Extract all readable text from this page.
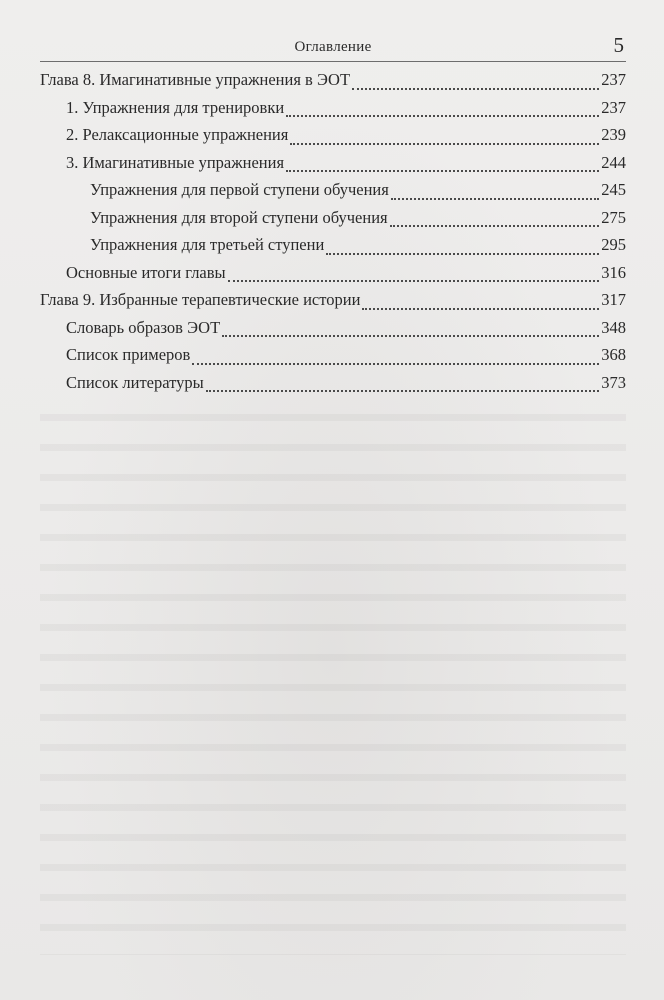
Оглавление	5
Глава 8. Имагинативные упражнения в ЭОТ	237
1. Упражнения для тренировки	237
2. Релаксационные упражнения	239
3. Имагинативные упражнения	244
Упражнения для первой ступени обучения	245
Упражнения для второй ступени обучения	275
Упражнения для третьей ступени	295
Основные итоги главы	316
Глава 9. Избранные терапевтические истории	317
Словарь образов ЭОТ	348
Список примеров	368
Список литературы	373
